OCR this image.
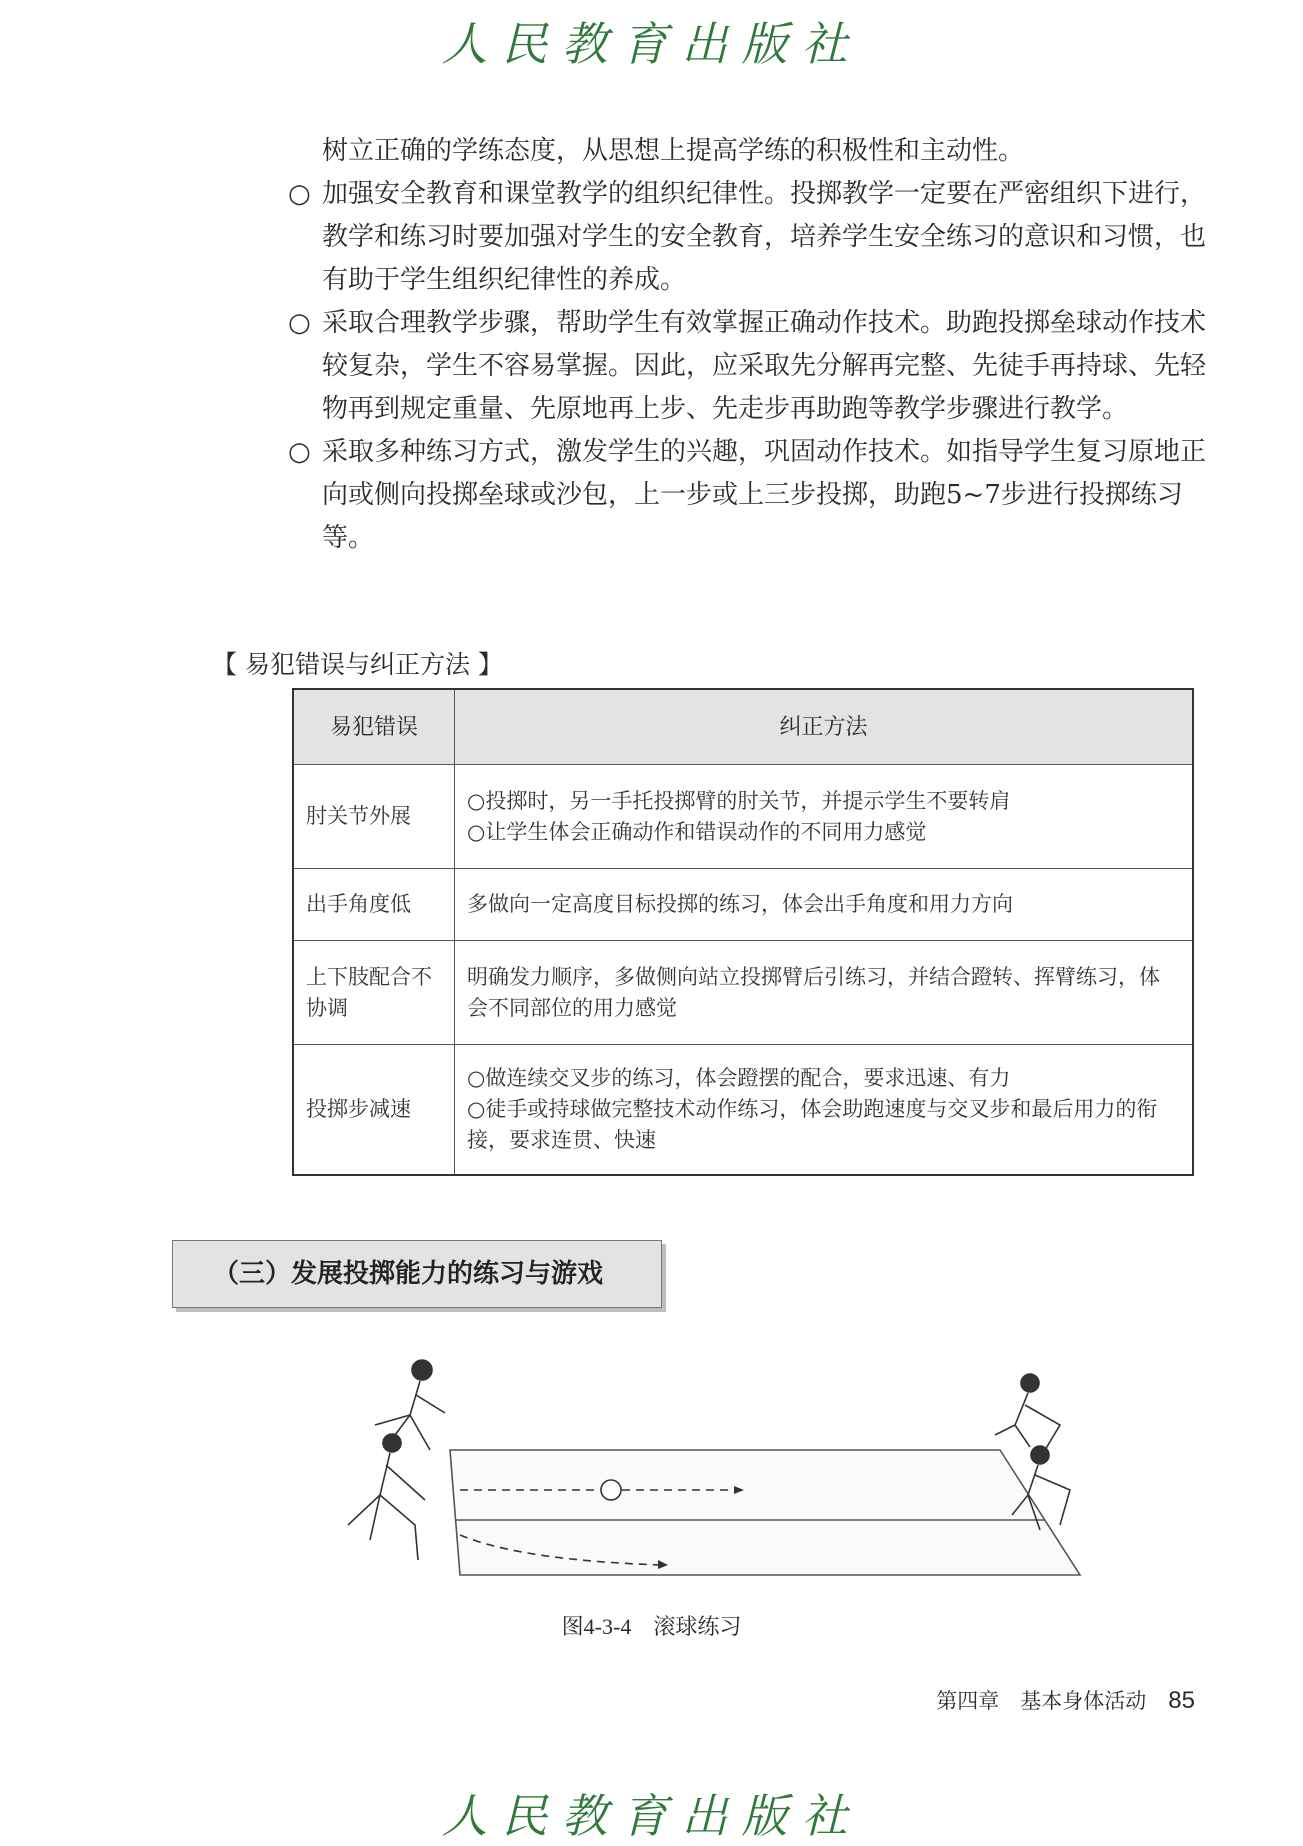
人民教育出版社

树立正确的学练态度，从思想上提高学练的积极性和主动性。

○ 加强安全教育和课堂教学的组织纪律性。投掷教学一定要在严密组织下进行，教学和练习时要加强对学生的安全教育，培养学生安全练习的意识和习惯，也有助于学生组织纪律性的养成。

○ 采取合理教学步骤，帮助学生有效掌握正确动作技术。助跑投掷垒球动作技术较复杂，学生不容易掌握。因此，应采取先分解再完整、先徒手再持球、先轻物再到规定重量、先原地再上步、先走步再助跑等教学步骤进行教学。

○ 采取多种练习方式，激发学生的兴趣，巩固动作技术。如指导学生复习原地正向或侧向投掷垒球或沙包，上一步或上三步投掷，助跑5~7步进行投掷练习等。

【 易犯错误与纠正方法 】
易犯错误	纠正方法
肘关节外展	○投掷时，另一手托投掷臂的肘关节，并提示学生不要转肩
○让学生体会正确动作和错误动作的不同用力感觉

出手角度低	多做向一定高度目标投掷的练习，体会出手角度和用力方向

上下肢配合不协调	明确发力顺序，多做侧向站立投掷臂后引练习，并结合蹬转、挥臂练习，体会不同部位的用力感觉

投掷步减速	○做连续交叉步的练习，体会蹬摆的配合，要求迅速、有力
○徒手或持球做完整技术动作练习，体会助跑速度与交叉步和最后用力的衔接，要求连贯、快速
（三）发展投掷能力的练习与游戏
图4-3-4　滚球练习
第四章　基本身体活动 85
人民教育出版社
